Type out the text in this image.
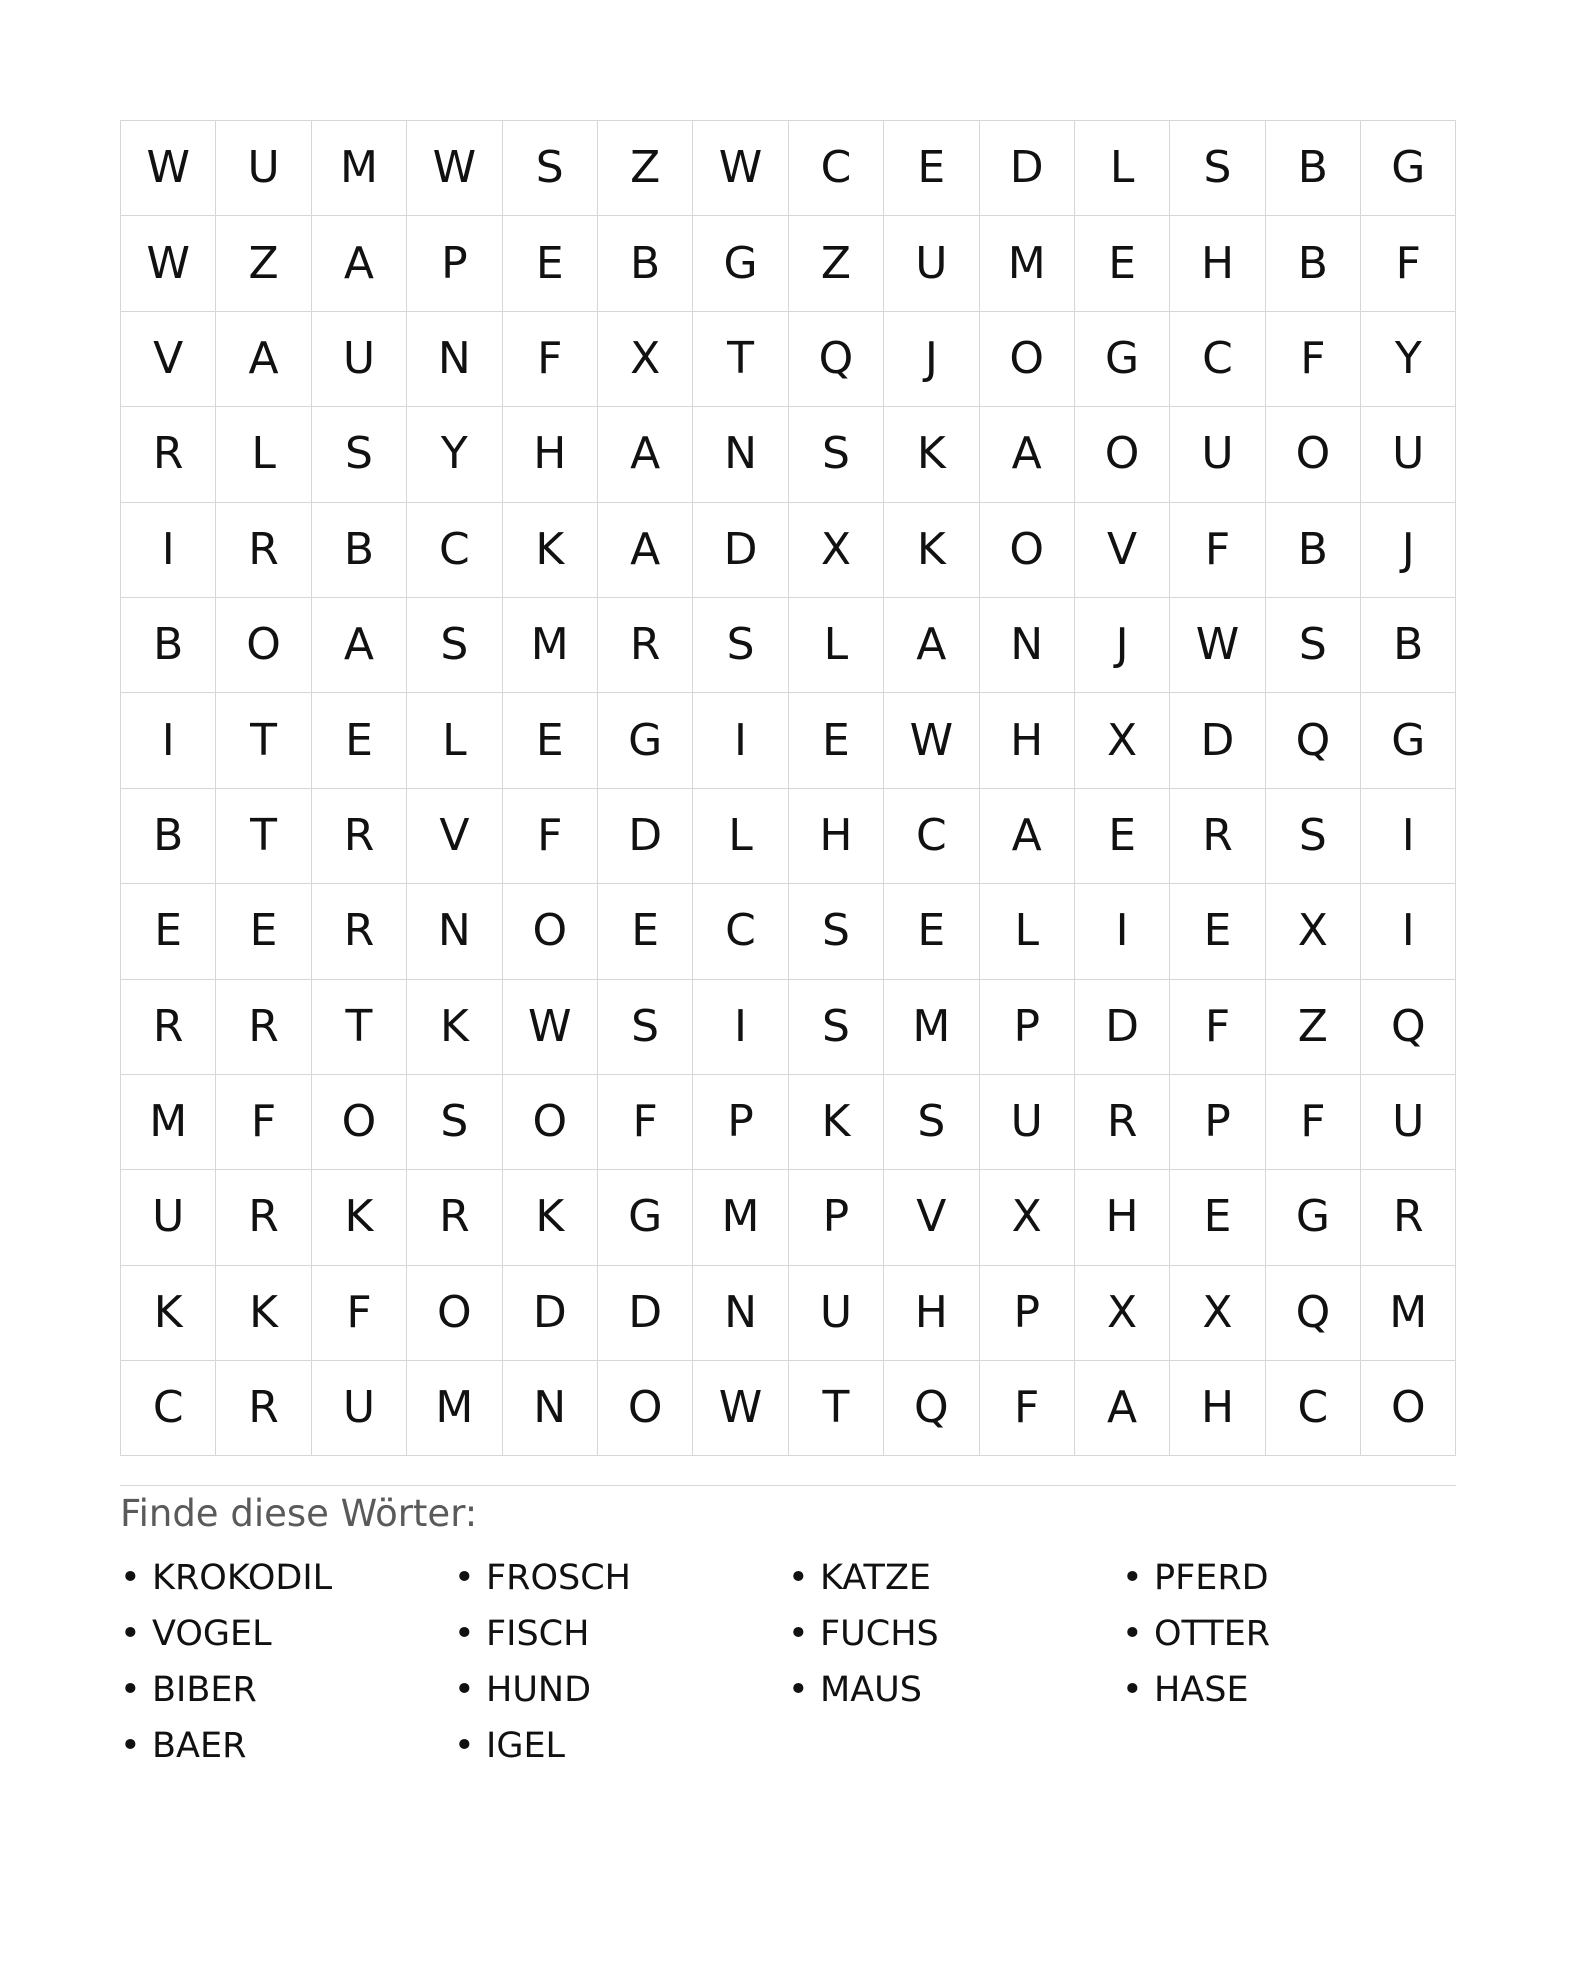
W	U	M	W	S	Z	W	C	E	D	L	S	B	G
W	Z	A	P	E	B	G	Z	U	M	E	H	B	F
V	A	U	N	F	X	T	Q	J	O	G	C	F	Y
R	L	S	Y	H	A	N	S	K	A	O	U	O	U
I	R	B	C	K	A	D	X	K	O	V	F	B	J
B	O	A	S	M	R	S	L	A	N	J	W	S	B
I	T	E	L	E	G	I	E	W	H	X	D	Q	G
B	T	R	V	F	D	L	H	C	A	E	R	S	I
E	E	R	N	O	E	C	S	E	L	I	E	X	I
R	R	T	K	W	S	I	S	M	P	D	F	Z	Q
M	F	O	S	O	F	P	K	S	U	R	P	F	U
U	R	K	R	K	G	M	P	V	X	H	E	G	R
K	K	F	O	D	D	N	U	H	P	X	X	Q	M
C	R	U	M	N	O	W	T	Q	F	A	H	C	O
Finde diese Wörter:
• KROKODIL	• FROSCH	• KATZE	• PFERD
• VOGEL	• FISCH	• FUCHS	• OTTER
• BIBER	• HUND	• MAUS	• HASE
• BAER	• IGEL
